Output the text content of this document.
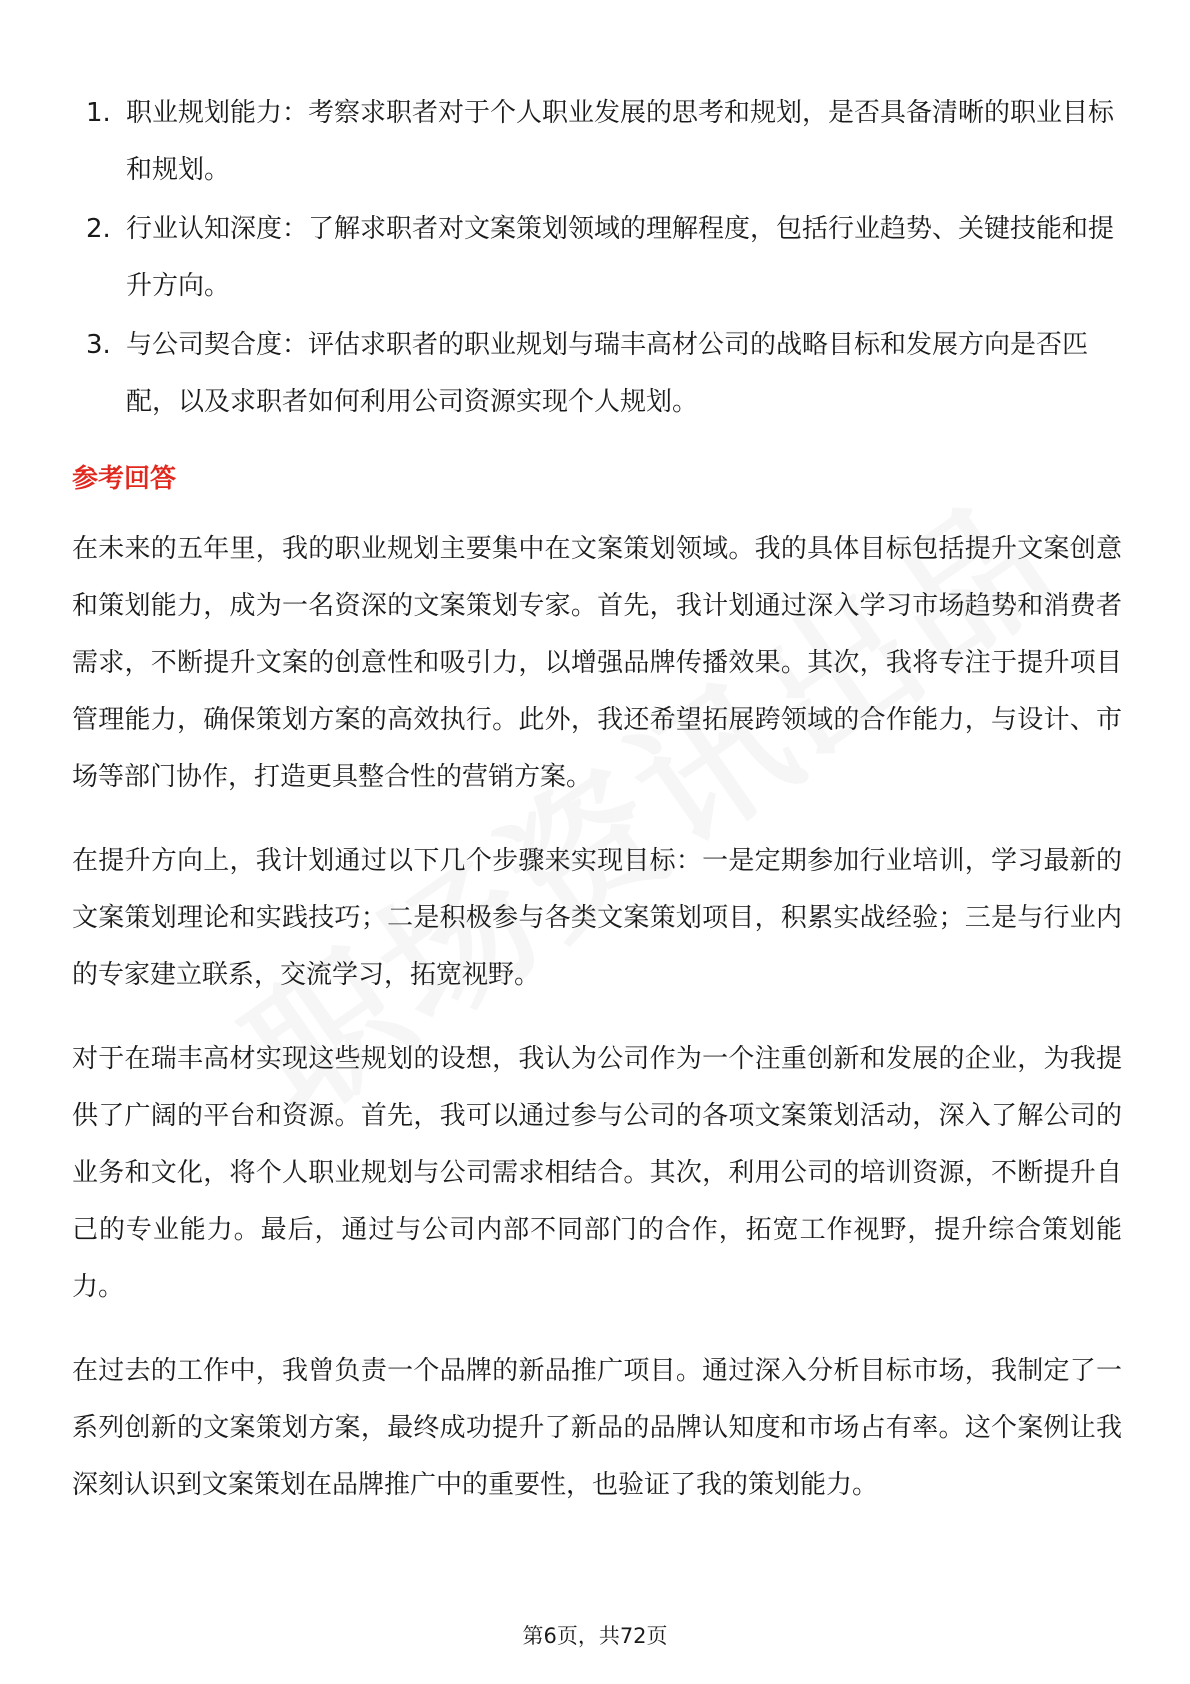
1. 职业规划能力：考察求职者对于个人职业发展的思考和规划，是否具备清晰的职业目标和规划。
2. 行业认知深度：了解求职者对文案策划领域的理解程度，包括行业趋势、关键技能和提升方向。
3. 与公司契合度：评估求职者的职业规划与瑞丰高材公司的战略目标和发展方向是否匹配，以及求职者如何利用公司资源实现个人规划。
参考回答

在未来的五年里，我的职业规划主要集中在文案策划领域。我的具体目标包括提升文案创意和策划能力，成为一名资深的文案策划专家。首先，我计划通过深入学习市场趋势和消费者需求，不断提升文案的创意性和吸引力，以增强品牌传播效果。其次，我将专注于提升项目管理能力，确保策划方案的高效执行。此外，我还希望拓展跨领域的合作能力，与设计、市场等部门协作，打造更具整合性的营销方案。

在提升方向上，我计划通过以下几个步骤来实现目标：一是定期参加行业培训，学习最新的文案策划理论和实践技巧；二是积极参与各类文案策划项目，积累实战经验；三是与行业内的专家建立联系，交流学习，拓宽视野。

对于在瑞丰高材实现这些规划的设想，我认为公司作为一个注重创新和发展的企业，为我提供了广阔的平台和资源。首先，我可以通过参与公司的各项文案策划活动，深入了解公司的业务和文化，将个人职业规划与公司需求相结合。其次，利用公司的培训资源，不断提升自己的专业能力。最后，通过与公司内部不同部门的合作，拓宽工作视野，提升综合策划能力。

在过去的工作中，我曾负责一个品牌的新品推广项目。通过深入分析目标市场，我制定了一系列创新的文案策划方案，最终成功提升了新品的品牌认知度和市场占有率。这个案例让我深刻认识到文案策划在品牌推广中的重要性，也验证了我的策划能力。

第6页，共72页
